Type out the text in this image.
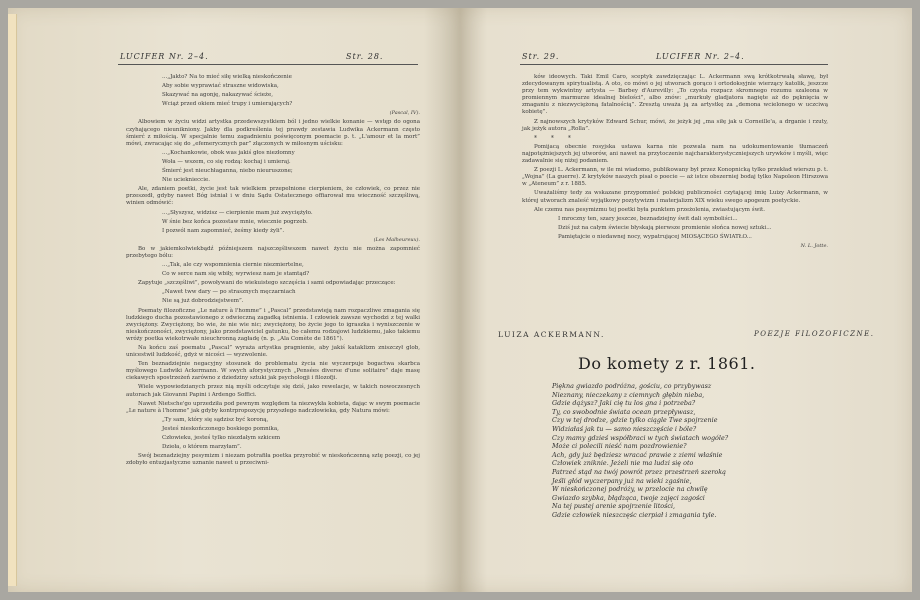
LUCIFER Nr. 2–4.	Str. 28.

...„Jakto? Na to mieć siłę wielką nieskończenie

Aby sobie wyprawiać straszne widowiska,

Skazywać na agonję, nakazywać ścieże,

Wciąż przed okiem mieć trupy i umierających?

(Pascal, IV).

Albowiem w życiu widzi artystka przedewszystkiem ból i jedno wielkie konanie — wstęp do ogona czyhającego nieunikniony. Jakby dla podkreślenia tej prawdy zestawia Ludwika Ackermann często śmierć z miłością. W specjalnie temu zagadnieniu poświęconym poemacie p. t. „L'amour et la mort” mówi, zwracając się do „efemerycznych par” złączonych w miłosnym uścisku:

...„Kochankowie, obok was jakiś głos niezłomny

Woła — wszem, co się rodzą: kochaj i umieraj.

Śmierć jest nieuchłaganna, niebo nieuruszone;

Nie ucieknieccie.

Ale, zdaniem poetki, życie jest tak wielkiem przepełnione cierpieniem, że człowiek, co przez nie przeszedł, gdyby nawet Bóg istniał i w dniu Sądu Ostatecznego offiarował mu wieczność szczęśliwą, winien odmówić:

...„Słyszysz, widzisz — cierpienie mam już zwyciężyło.

W śnie bez końca pozostaw mnie, wiecznie pogrzeb.

I pozwól nam zapomnieć, żeśmy kiedy żyli”.

(Les Malheureux).

Bo w jakiemkolwiekbądź późniejszem najszczęśliwszem nawet życiu nie można zapomnieć przebytego bólu:

...„Tak, ale czy wspomnienia ciernie niezmiertelne,

Co w serce nam się wbiły, wyrwiesz nam je stamtąd?

Zapytuje „szczęśliwi”, powoływani do wiekuistego szczęścia i sami odpowiadając przeczące:

„Nawet tww dary — po strasznych męczarniach

Nie są już dobrodziejstwem”.

Poematy filozoficzne „Le nature à l'homme” i „Pascal” przedstawieją nam rozpaczliwe zmagania się ludzkiego ducha pozostawionego z odwieczną zagadką istnienia. I człowiek zawsze wychodzi z tej walki zwyciężony. Zwyciężony, bo wie, że nie wie nic; zwyciężony, bo życie jego to igraszka i wyniszczenie w nieskończoności, zwyciężony, jako przedstawiciel gatunku, bo całemu rodzajowi ludzkiemu, jako takiemu wróży poetka wiekotrwałe nieuchronną zagładę (n. p. „Ala Comète de 1861”).

Na końcu zaś poematu „Pascal” wyraża artystka pragnienie, aby jakiś kataklizm zniszczył glob, unicestwił ludzkość, gdyż w nicości — wyzwolenie.

Ten beznadziejnie negacyjny stosunek do problematu życia nie wyczerpuje bogactwa skarbca myślowego Ludwiki Ackermann. W swych aforystycznych „Pensées diverse d'une solitaire” daje masę ciekawych spostrzeżeń zarówno z dziedziny sztuki jak psychologji i filozofji.

Wiele wypowiedzianych przez nią myśli odczytuje się dziś, jako rewelacje, w takich nowoczesnych autorach jak Giovanni Papini i Ardengo Soffici.

Nawet Nietsche'go uprzedziła pod pewnym względem ta niezwykła kobieta, dając w swym poemacie „Le nature à l'homme” jak gdyby kontrpropozycję przyszłego nadczłowieka, gdy Natura mówi:

„Ty sam, który się sądzisz być koroną,

Jesteś nieskończonego boskiego pomnika,

Człowieku, jesteś tylko niezdałym szkicem

Dzieła, o którem marzyłam”.

Swój beznadziejny pesymizm i niezam potrafiła poetka przyrobić w nieskończenną sztę poezji, co jej zdobyło entuzjastyczne uznanie nawet u przeciwni-

Str. 29.	LUCIFER Nr. 2–4.

ków ideowych. Taki Emil Caro, sceptyk zawdzięczając L. Ackermann swą krótkotrwałą sławę, był zdecydowanym spirytualistą. A oto, co mówi o jej utworach gorąco i ortodoksyjnie wierzący katolik, jeszcze przy tem wykwintny artysta — Barbey d'Aurevilly: „To czysta rozpacz skromnego rozumu szaleona w promiennym marmurze idealnej bielości”, albo znów: „murkuły gladjatora nagięte aż do pęknięcia w zmaganiu z niezwyciężoną fatalnością”. Zresztą uważa ją za artystkę za „demona wcielonego w uczciwą kobietę”.

Z najnowszych krytyków Edward Schur, mówi, że jeżyk jej „ma siłę jak u Corneille'a, a drganie i rzuty, jak jeżyk autora „Rolla”.

* * *

Pomijacą obecnie rosyjska ustawa karna nie pozwala nam na udokumentowanie tłumaczeń najpotężniejszych jej utworów, ani nawet na przytoczenie najcharakterystyczniejszych urywków i myśli, więc zadawalnie się niżej podaniem.

Z poezji L. Ackermann, w ile mi wiadomo, publikowany był przez Konopnicką tylko przekład wierszu p. t. „Wojna” (La guerre). Z krytyków naszych pisał o poecie — aż istce obszerniej bodaj tylko Napoleon Hirszowa w „Ateneum” z r. 1885.

Uważaliśmy tedy za wskazane przypomnieć polskiej publiczności czytającej imię Luizy Ackermann, w której utworach znaleść wyjątkowy pozytywizm i materjalizm XIX wieku swego apogeum poetyckie.

Ale czemu nas pesymizmu tej poetki była punktem przeżolenia, zwiastującym świt.

I mroczny ten, szary jeszcze, beznadziejny świt dali symboliści...

Dziś już na całym świecie błyskają pierwsze promienie słońca nowej sztuki...

Pamiętajcie o niedawnej nocy, wypatrującej MIOSĄCEGO ŚWIATŁO...

N. L. Jotte.

LUIZA ACKERMANN.	POEZJE FILOZOFICZNE.
Do komety z r. 1861.
Piękna gwiazdo podróżna, gościu, co przybywasz
Nieznany, nieczekany z ciemnych głębin nieba,
Gdzie dążysz? Jaki cię tu los gna i potrzeba?
Ty, co swobodnie świata ocean przepływasz,
Czy w tej drodze, gdzie tylko ciągle Twe spojrzenie
Widziałaś jak tu — samo nieszczęście i bóle?
Czy mamy gdzieś współbraci w tych światach wogóle?
Może ci polecili nieść nam pozdrowienie?
Ach, gdy już będziesz wracać prawie z ziemi właśnie
Człowiek zniknie. Jeżeli nie ma ludzi się oto
Patrzeć stąd na twój powrót przez przestrzeń szeroką
Jeśli głód wyczerpany już na wieki zgaśnie,
W nieskończonej podróży, w przelocie na chwilę
Gwiazdo szybka, błądząca, twoje zajęci zagości
Na tej pustej arenie spojrzenie litości,
Gdzie człowiek nieszczęśc cierpiał i zmagania tyle.
